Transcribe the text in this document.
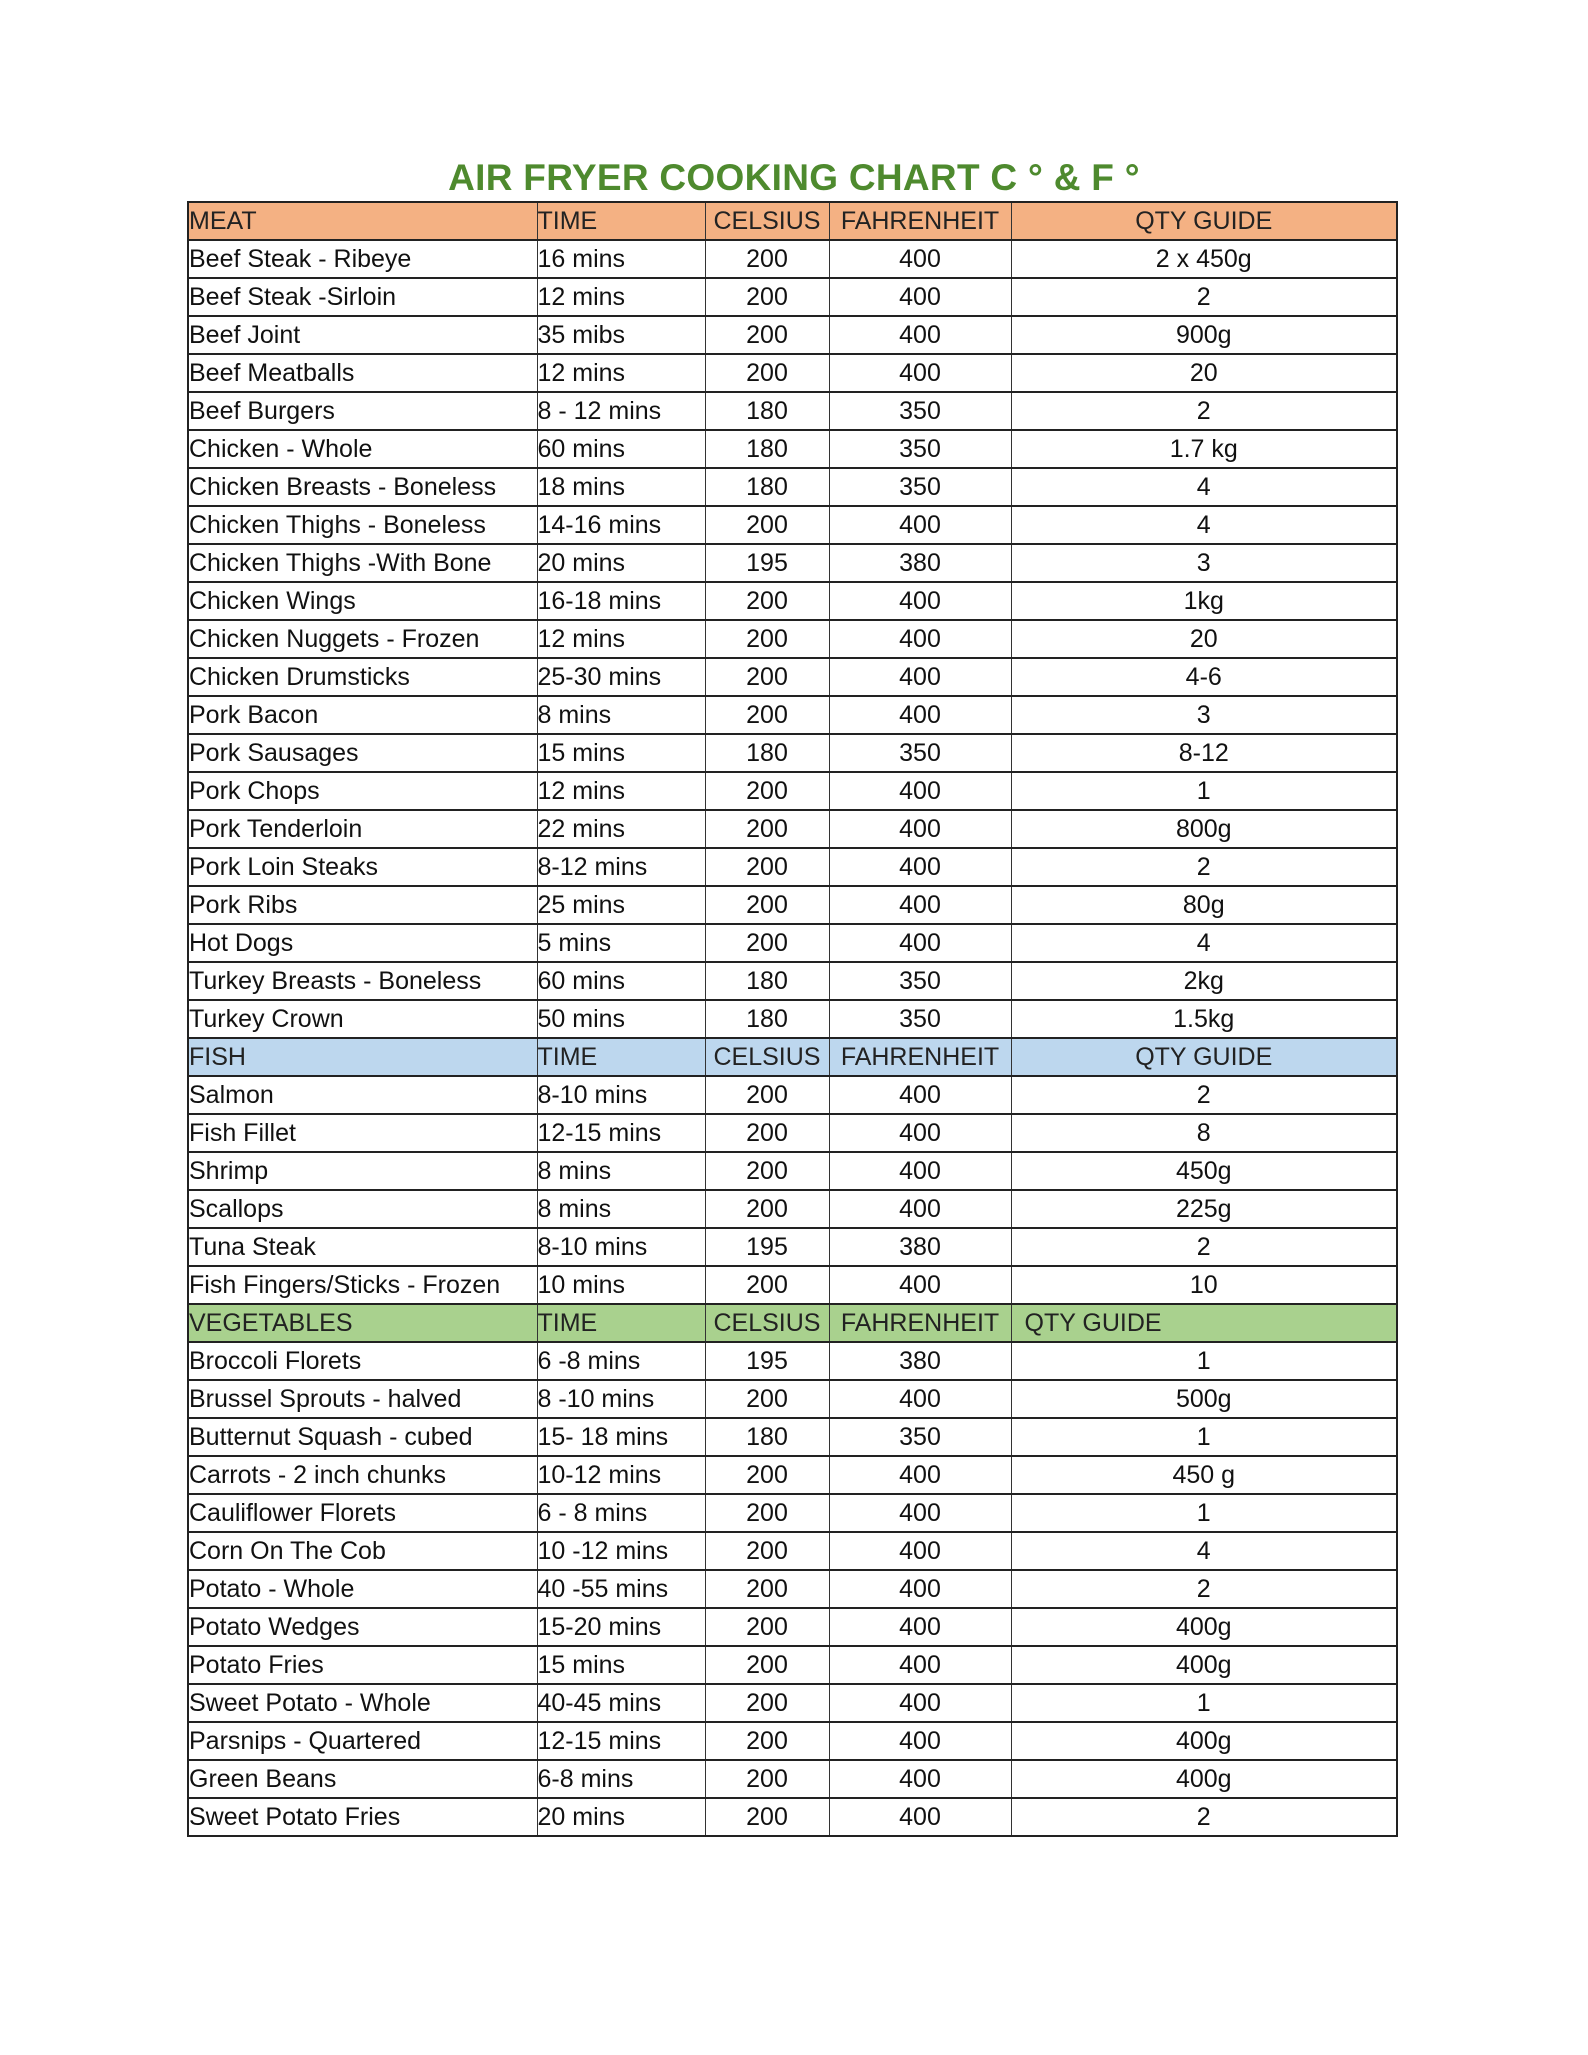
AIR FRYER COOKING CHART C ° & F °
MEAT	TIME	CELSIUS	FAHRENHEIT	QTY GUIDE
Beef Steak - Ribeye	16 mins	200	400	2 x 450g
Beef Steak -Sirloin	12 mins	200	400	2
Beef Joint	35 mibs	200	400	900g
Beef Meatballs	12 mins	200	400	20
Beef Burgers	8 - 12 mins	180	350	2
Chicken - Whole	60 mins	180	350	1.7 kg
Chicken Breasts - Boneless	18 mins	180	350	4
Chicken Thighs - Boneless	14-16 mins	200	400	4
Chicken Thighs -With Bone	20 mins	195	380	3
Chicken Wings	16-18 mins	200	400	1kg
Chicken Nuggets - Frozen	12 mins	200	400	20
Chicken Drumsticks	25-30 mins	200	400	4-6
Pork Bacon	8 mins	200	400	3
Pork Sausages	15 mins	180	350	8-12
Pork Chops	12 mins	200	400	1
Pork Tenderloin	22 mins	200	400	800g
Pork Loin Steaks	8-12 mins	200	400	2
Pork Ribs	25 mins	200	400	80g
Hot Dogs	5 mins	200	400	4
Turkey Breasts - Boneless	60 mins	180	350	2kg
Turkey Crown	50 mins	180	350	1.5kg
FISH	TIME	CELSIUS	FAHRENHEIT	QTY GUIDE
Salmon	8-10 mins	200	400	2
Fish Fillet	12-15 mins	200	400	8
Shrimp	8 mins	200	400	450g
Scallops	8 mins	200	400	225g
Tuna Steak	8-10 mins	195	380	2
Fish Fingers/Sticks - Frozen	10 mins	200	400	10
VEGETABLES	TIME	CELSIUS	FAHRENHEIT	QTY GUIDE
Broccoli Florets	6 -8 mins	195	380	1
Brussel Sprouts - halved	8 -10 mins	200	400	500g
Butternut Squash - cubed	15- 18 mins	180	350	1
Carrots - 2 inch chunks	10-12 mins	200	400	450 g
Cauliflower Florets	6 - 8 mins	200	400	1
Corn On The Cob	10 -12 mins	200	400	4
Potato - Whole	40 -55 mins	200	400	2
Potato Wedges	15-20 mins	200	400	400g
Potato Fries	15 mins	200	400	400g
Sweet Potato - Whole	40-45 mins	200	400	1
Parsnips - Quartered	12-15 mins	200	400	400g
Green Beans	6-8 mins	200	400	400g
Sweet Potato Fries	20 mins	200	400	2
